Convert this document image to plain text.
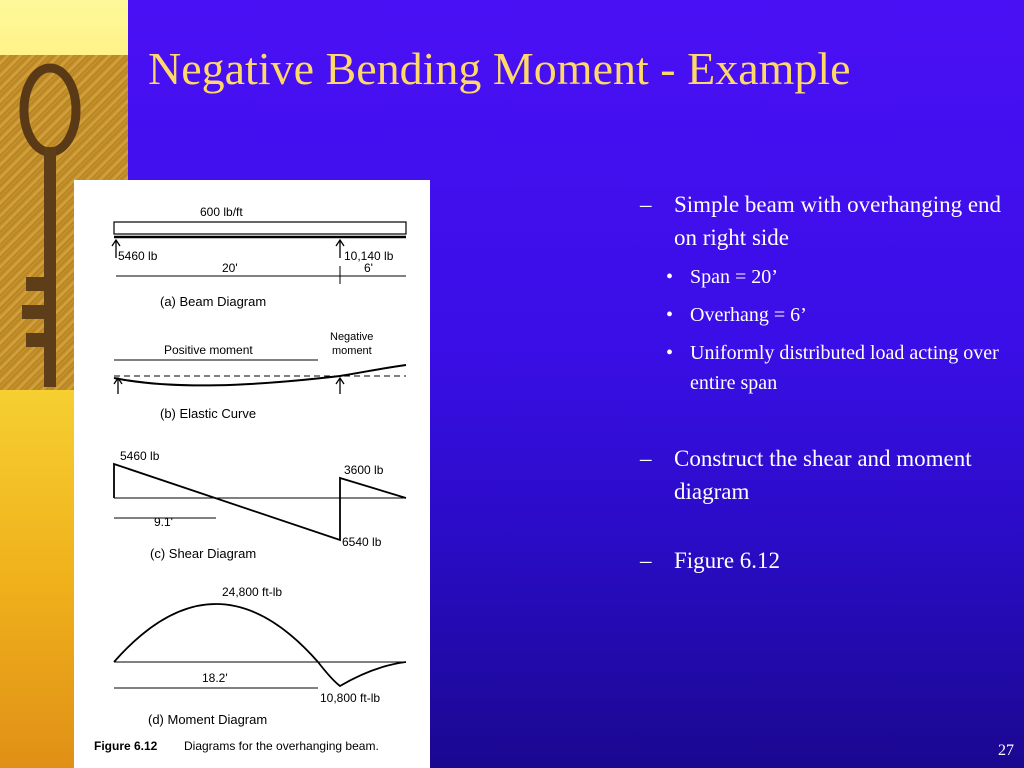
Negative Bending Moment - Example
600 lb/ft
5460 lb	10,140 lb
20'	6'
(a) Beam Diagram
Positive moment
Negative
moment
(b) Elastic Curve
5460 lb
3600 lb
9.1'
6540 lb
(c) Shear Diagram
24,800 ft-lb
18.2'
10,800 ft-lb
(d) Moment Diagram
Figure 6.12 Diagrams for the overhanging beam.
– Simple beam with overhanging end on right side
• Span = 20’
• Overhang = 6’
• Uniformly distributed load acting over entire span
– Construct the shear and moment diagram
– Figure 6.12
27
